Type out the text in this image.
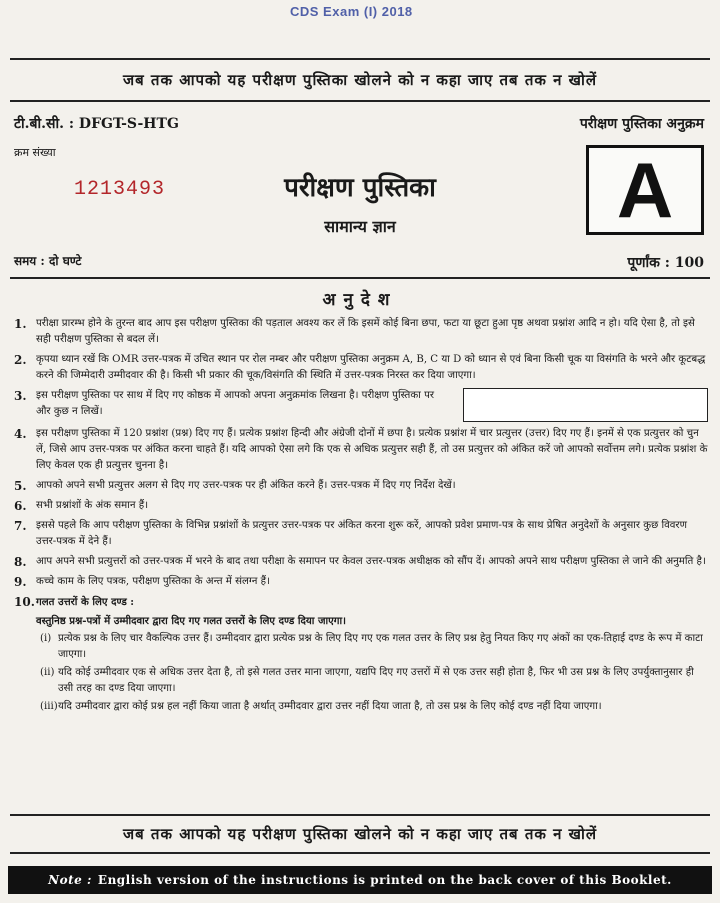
CDS Exam (I) 2018
जब तक आपको यह परीक्षण पुस्तिका खोलने को न कहा जाए तब तक न खोलें
टी.बी.सी. : DFGT-S-HTG	परीक्षण पुस्तिका अनुक्रम
क्रम संख्या
1213493	परीक्षण पुस्तिका
सामान्य ज्ञान	A
समय : दो घण्टे	पूर्णांक : 100
अनुदेश
1. परीक्षा प्रारम्भ होने के तुरन्त बाद आप इस परीक्षण पुस्तिका की पड़ताल अवश्य कर लें कि इसमें कोई बिना छपा, फटा या छूटा हुआ पृष्ठ अथवा प्रश्नांश आदि न हो। यदि ऐसा है, तो इसे सही परीक्षण पुस्तिका से बदल लें।
2. कृपया ध्यान रखें कि OMR उत्तर-पत्रक में उचित स्थान पर रोल नम्बर और परीक्षण पुस्तिका अनुक्रम A, B, C या D को ध्यान से एवं बिना किसी चूक या विसंगति के भरने और कूटबद्ध करने की जिम्मेदारी उम्मीदवार की है। किसी भी प्रकार की चूक/विसंगति की स्थिति में उत्तर-पत्रक निरस्त कर दिया जाएगा।
3. इस परीक्षण पुस्तिका पर साथ में दिए गए कोष्ठक में आपको अपना अनुक्रमांक लिखना है। परीक्षण पुस्तिका पर और कुछ न लिखें।
4. इस परीक्षण पुस्तिका में 120 प्रश्नांश (प्रश्न) दिए गए हैं। प्रत्येक प्रश्नांश हिन्दी और अंग्रेजी दोनों में छपा है। प्रत्येक प्रश्नांश में चार प्रत्युत्तर (उत्तर) दिए गए हैं। इनमें से एक प्रत्युत्तर को चुन लें, जिसे आप उत्तर-पत्रक पर अंकित करना चाहते हैं। यदि आपको ऐसा लगे कि एक से अधिक प्रत्युत्तर सही हैं, तो उस प्रत्युत्तर को अंकित करें जो आपको सर्वोत्तम लगे। प्रत्येक प्रश्नांश के लिए केवल एक ही प्रत्युत्तर चुनना है।
5. आपको अपने सभी प्रत्युत्तर अलग से दिए गए उत्तर-पत्रक पर ही अंकित करने हैं। उत्तर-पत्रक में दिए गए निर्देश देखें।
6. सभी प्रश्नांशों के अंक समान हैं।
7. इससे पहले कि आप परीक्षण पुस्तिका के विभिन्न प्रश्नांशों के प्रत्युत्तर उत्तर-पत्रक पर अंकित करना शुरू करें, आपको प्रवेश प्रमाण-पत्र के साथ प्रेषित अनुदेशों के अनुसार कुछ विवरण उत्तर-पत्रक में देने हैं।
8. आप अपने सभी प्रत्युत्तरों को उत्तर-पत्रक में भरने के बाद तथा परीक्षा के समापन पर केवल उत्तर-पत्रक अधीक्षक को सौंप दें। आपको अपने साथ परीक्षण पुस्तिका ले जाने की अनुमति है।
9. कच्चे काम के लिए पत्रक, परीक्षण पुस्तिका के अन्त में संलग्न हैं।
10. गलत उत्तरों के लिए दण्ड :
वस्तुनिष्ठ प्रश्न-पत्रों में उम्मीदवार द्वारा दिए गए गलत उत्तरों के लिए दण्ड दिया जाएगा।
(i) प्रत्येक प्रश्न के लिए चार वैकल्पिक उत्तर हैं। उम्मीदवार द्वारा प्रत्येक प्रश्न के लिए दिए गए एक गलत उत्तर के लिए प्रश्न हेतु नियत किए गए अंकों का एक-तिहाई दण्ड के रूप में काटा जाएगा।
(ii) यदि कोई उम्मीदवार एक से अधिक उत्तर देता है, तो इसे गलत उत्तर माना जाएगा, यद्यपि दिए गए उत्तरों में से एक उत्तर सही होता है, फिर भी उस प्रश्न के लिए उपर्युक्तानुसार ही उसी तरह का दण्ड दिया जाएगा।
(iii) यदि उम्मीदवार द्वारा कोई प्रश्न हल नहीं किया जाता है अर्थात् उम्मीदवार द्वारा उत्तर नहीं दिया जाता है, तो उस प्रश्न के लिए कोई दण्ड नहीं दिया जाएगा।
जब तक आपको यह परीक्षण पुस्तिका खोलने को न कहा जाए तब तक न खोलें
Note : English version of the instructions is printed on the back cover of this Booklet.
